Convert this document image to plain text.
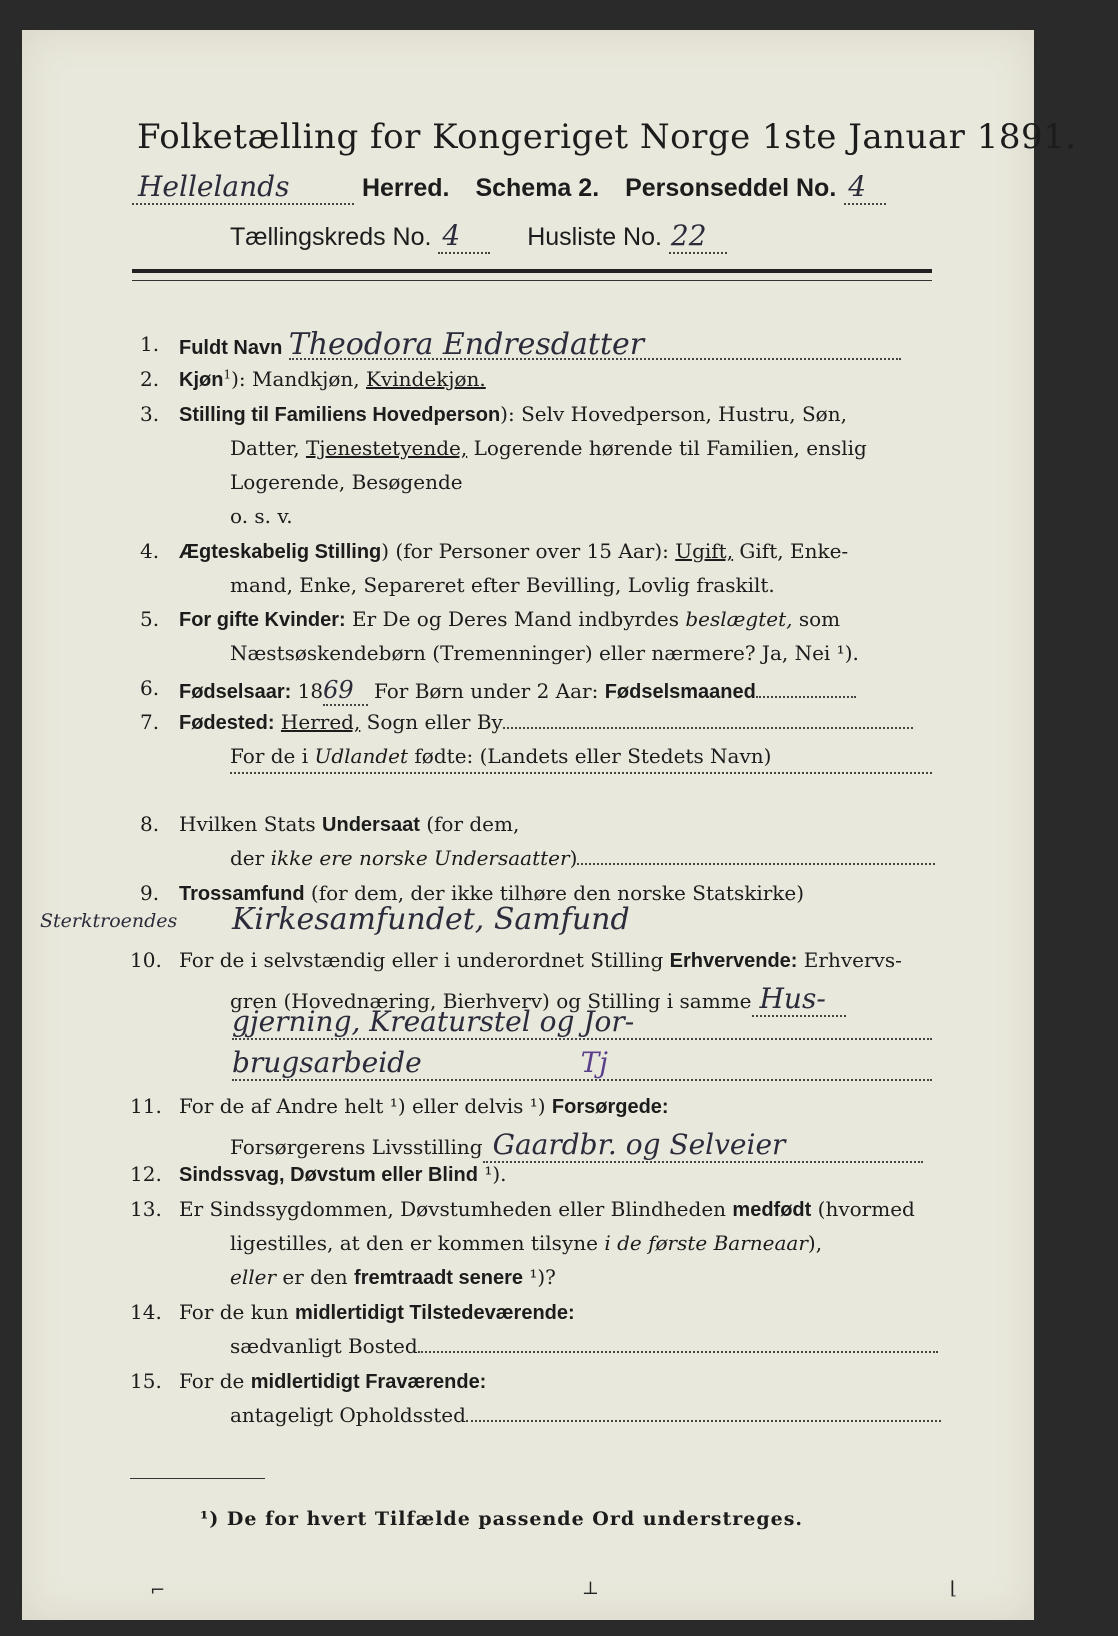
Folketælling for Kongeriget Norge 1ste Januar 1891.
Hellelands	Herred. Schema 2. Personseddel No. 4
Tællingskreds No. 4	Husliste No. 22
1. Fuldt Navn Theodora Endresdatter
2. Kjøn$^1$): Mandkjøn, Kvindekjøn.
3. Stilling til Familiens Hovedperson): Selv Hovedperson, Hustru, Søn,
Datter, Tjenestetyende, Logerende hørende til Familien, enslig
Logerende, Besøgende
o. s. v.
4. Ægteskabelig Stilling) (for Personer over 15 Aar): Ugift, Gift, Enke-
mand, Enke, Separeret efter Bevilling, Lovlig fraskilt.
5. For gifte Kvinder: Er De og Deres Mand indbyrdes beslægtet, som
Næstsøskendebørn (Tremenninger) eller nærmere? Ja, Nei ¹).
6. Fødselsaar: 1869 For Børn under 2 Aar: Fødselsmaaned
7. Fødested: Herred, Sogn eller By
For de i Udlandet fødte: (Landets eller Stedets Navn)
8. Hvilken Stats Undersaat (for dem,
der ikke ere norske Undersaatter)
9. Trossamfund (for dem, der ikke tilhøre den norske Statskirke)
Sterktroendes Kirkesamfundet, Samfund
10. For de i selvstændig eller i underordnet Stilling Erhvervende: Erhvervs-
gren (Hovednæring, Bierhverv) og Stilling i samme Hus-
gjerning, Kreaturstel og Jor-
brugsarbeide	Tj
11. For de af Andre helt ¹) eller delvis ¹) Forsørgede:
Forsørgerens Livsstilling Gaardbr. og Selveier
12. Sindssvag, Døvstum eller Blind ¹).
13. Er Sindssygdommen, Døvstumheden eller Blindheden medfødt (hvormed
ligestilles, at den er kommen tilsyne i de første Barneaar),
eller er den fremtraadt senere ¹)?
14. For de kun midlertidigt Tilstedeværende:
sædvanligt Bosted
15. For de midlertidigt Fraværende:
antageligt Opholdssted
¹) De for hvert Tilfælde passende Ord understreges.
⌐	⊥	⌊
